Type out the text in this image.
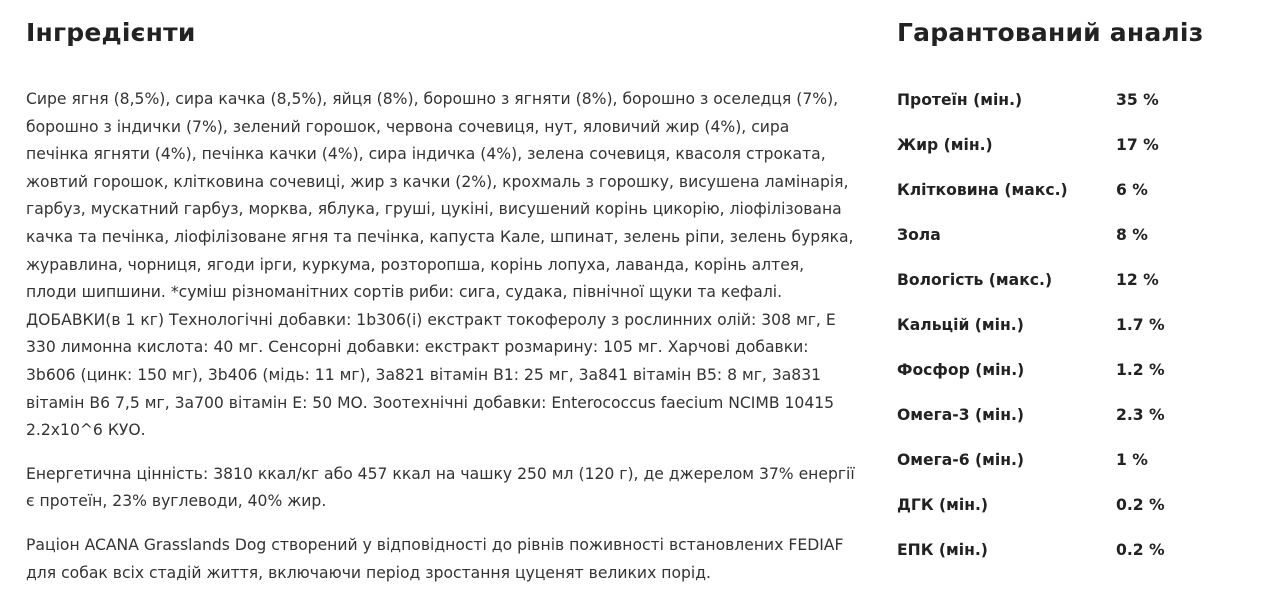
Інгредієнти

Сире ягня (8,5%), сира качка (8,5%), яйця (8%), борошно з ягняти (8%), борошно з оселедця (7%), борошно з індички (7%), зелений горошок, червона сочевиця, нут, яловичий жир (4%), сира печінка ягняти (4%), печінка качки (4%), сира індичка (4%), зелена сочевиця, квасоля строката, жовтий горошок, клітковина сочевиці, жир з качки (2%), крохмаль з горошку, висушена ламінарія, гарбуз, мускатний гарбуз, морква, яблука, груші, цукіні, висушений корінь цикорію, ліофілізована качка та печінка, ліофілізоване ягня та печінка, капуста Кале, шпинат, зелень ріпи, зелень буряка, журавлина, чорниця, ягоди ірги, куркума, розторопша, корінь лопуха, лаванда, корінь алтея, плоди шипшини. *суміш різноманітних сортів риби: сига, судака, північної щуки та кефалі. ДОБАВКИ(в 1 кг) Технологічні добавки: 1b306(i) екстракт токоферолу з рослинних олій: 308 мг, E 330 лимонна кислота: 40 мг. Сенсорні добавки: екстракт розмарину: 105 мг. Харчові добавки: 3b606 (цинк: 150 мг), 3b406 (мідь: 11 мг), 3а821 вітамін B1: 25 мг, 3а841 вітамін B5: 8 мг, 3а831 вітамін B6 7,5 мг, 3а700 вітамін E: 50 МО. Зоотехнічні добавки: Enterococcus faecium NCIMB 10415 2.2x10^6 КУО.

Енергетична цінність: 3810 ккал/кг або 457 ккал на чашку 250 мл (120 г), де джерелом 37% енергії є протеїн, 23% вуглеводи, 40% жир.

Раціон ACANA Grasslands Dog створений у відповідності до рівнів поживності встановлених FEDIAF для собак всіх стадій життя, включаючи період зростання цуценят великих порід.

Гарантований аналіз
Протеїн (мін.)	35 %
Жир (мін.)	17 %
Клітковина (макс.)	6 %
Зола	8 %
Вологість (макс.)	12 %
Кальцій (мін.)	1.7 %
Фосфор (мін.)	1.2 %
Омега-3 (мін.)	2.3 %
Омега-6 (мін.)	1 %
ДГК (мін.)	0.2 %
ЕПК (мін.)	0.2 %
